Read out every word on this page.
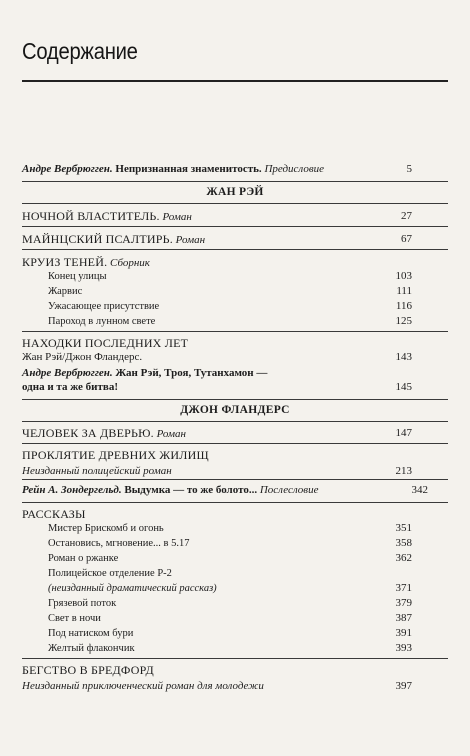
Содержание
Андре Вербрюгген. Непризнанная знаменитость. Предисловие	5
ЖАН РЭЙ
НОЧНОЙ ВЛАСТИТЕЛЬ. Роман	27
МАЙНЦСКИЙ ПСАЛТИРЬ. Роман	67
КРУИЗ ТЕНЕЙ. Сборник
Конец улицы	103
Жарвис	111
Ужасающее присутствие	116
Пароход в лунном свете	125
НАХОДКИ ПОСЛЕДНИХ ЛЕТ
Жан Рэй/Джон Фландерс.	143
Андре Вербрюгген. Жан Рэй, Троя, Тутанхамон —
одна и та же битва!	145
ДЖОН ФЛАНДЕРС
ЧЕЛОВЕК ЗА ДВЕРЬЮ. Роман	147
ПРОКЛЯТИЕ ДРЕВНИХ ЖИЛИЩ
Неизданный полицейский роман	213
Рейн А. Зондергельд. Выдумка — то же болото... Послесловие	342
РАССКАЗЫ
Мистер Брискомб и огонь	351
Остановись, мгновение... в 5.17	358
Роман о ржанке	362
Полицейское отделение Р-2
(неизданный драматический рассказ)	371
Грязевой поток	379
Свет в ночи	387
Под натиском бури	391
Желтый флакончик	393
БЕГСТВО В БРЕДФОРД
Неизданный приключенческий роман для молодежи	397
